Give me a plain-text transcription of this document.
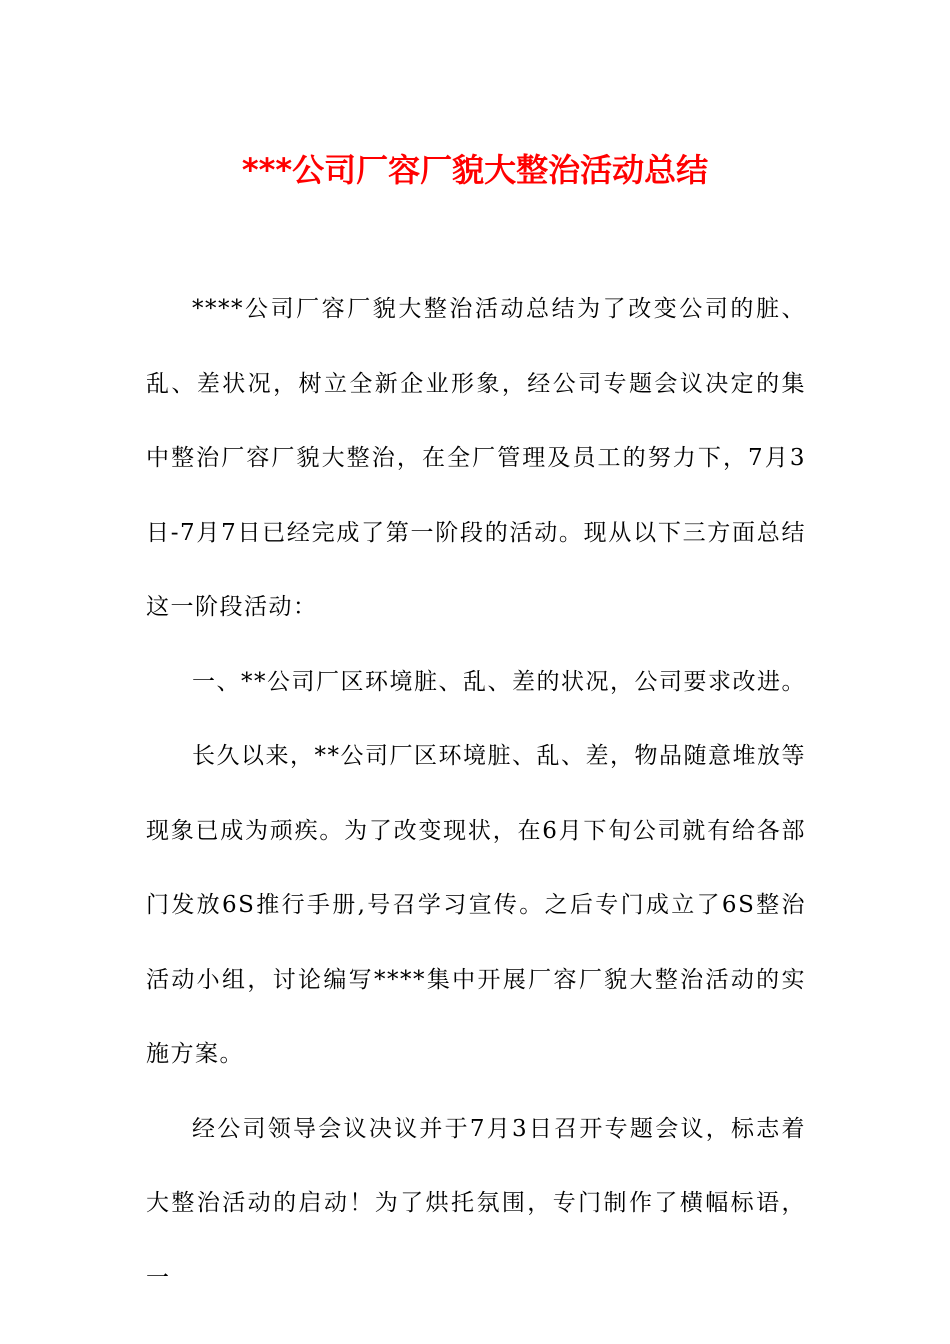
***公司厂容厂貌大整治活动总结

****公司厂容厂貌大整治活动总结为了改变公司的脏、乱、差状况，树立全新企业形象，经公司专题会议决定的集中整治厂容厂貌大整治，在全厂管理及员工的努力下，7月3日-7月7日已经完成了第一阶段的活动。现从以下三方面总结这一阶段活动：

一、**公司厂区环境脏、乱、差的状况，公司要求改进。

长久以来，**公司厂区环境脏、乱、差，物品随意堆放等现象已成为顽疾。为了改变现状，在6月下旬公司就有给各部门发放6S推行手册,号召学习宣传。之后专门成立了6S整治活动小组，讨论编写****集中开展厂容厂貌大整治活动的实施方案。

经公司领导会议决议并于7月3日召开专题会议，标志着大整治活动的启动！为了烘托氛围，专门制作了横幅标语，一
